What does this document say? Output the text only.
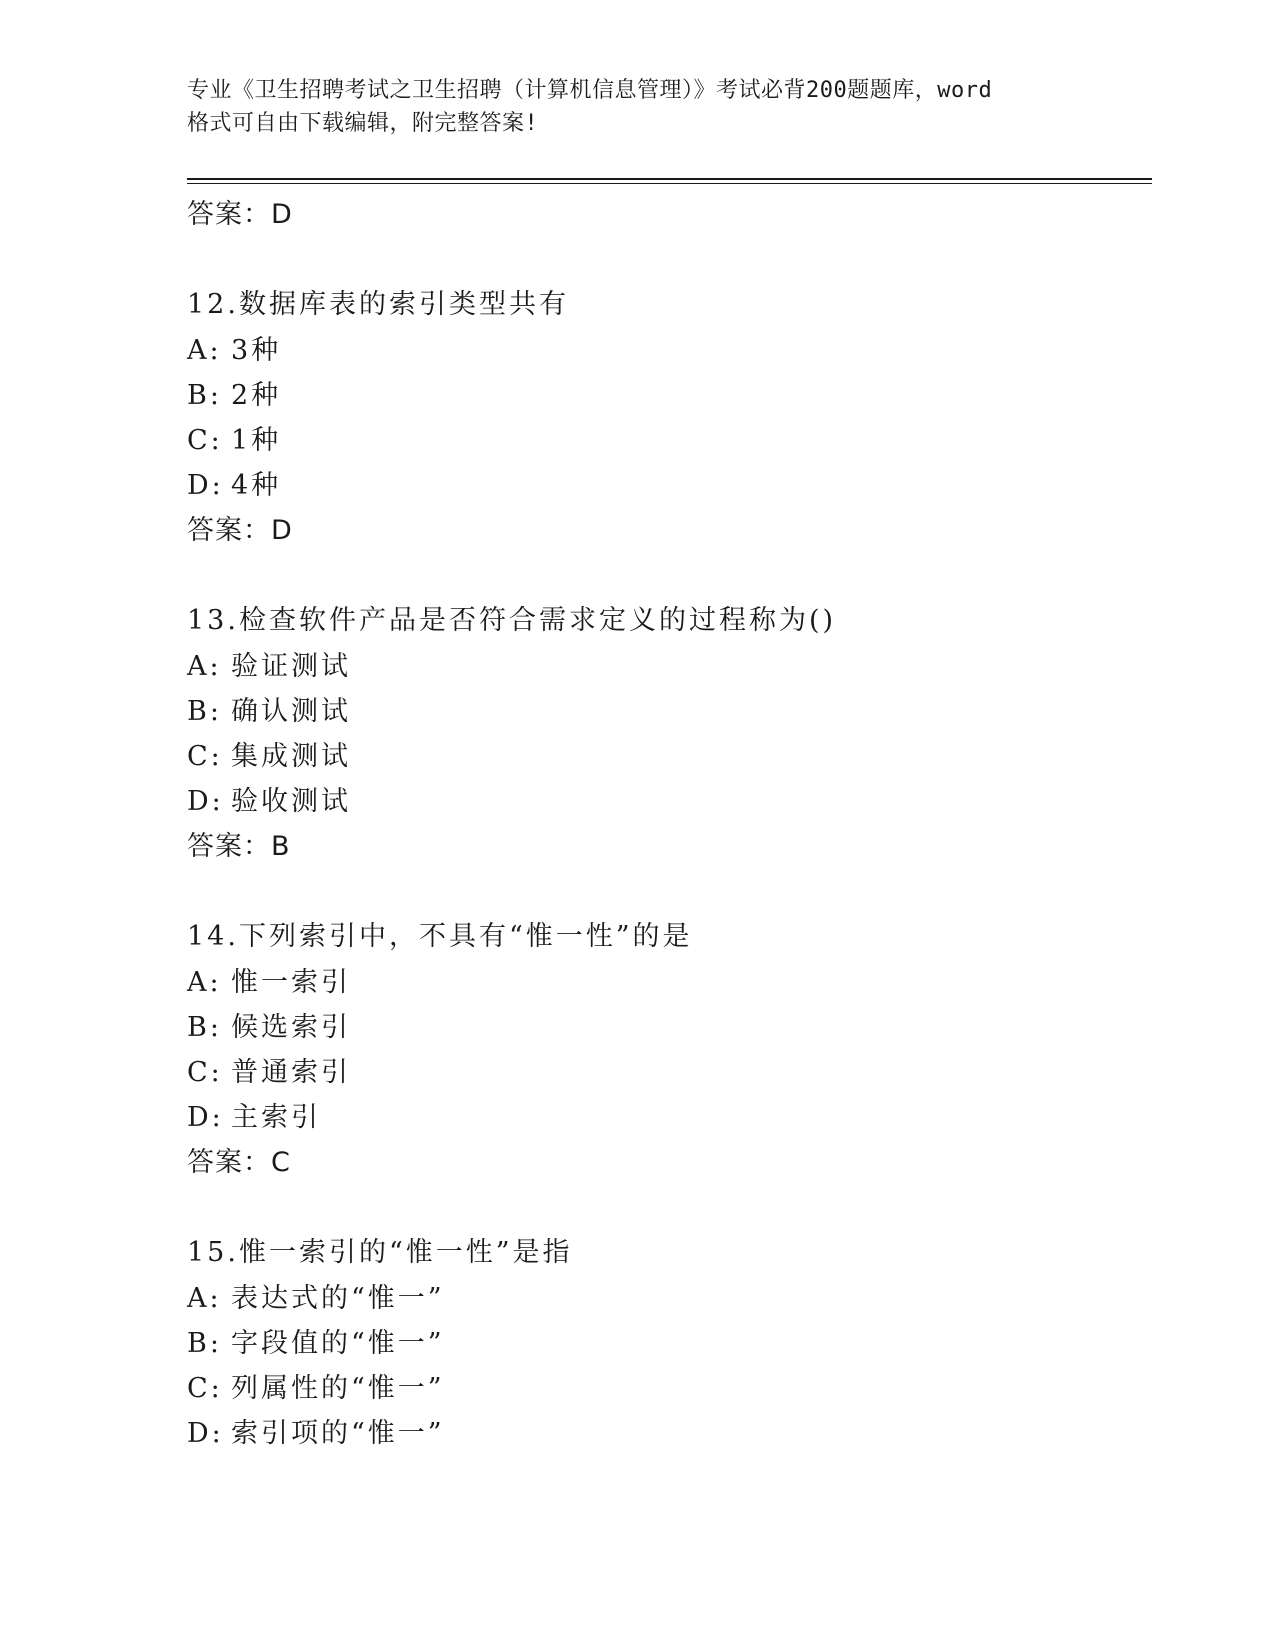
专业《卫生招聘考试之卫生招聘（计算机信息管理）》考试必背200题题库，word
格式可自由下载编辑，附完整答案!
答案：D
12.数据库表的索引类型共有
A: 3种
B: 2种
C: 1种
D: 4种
答案：D
13.检查软件产品是否符合需求定义的过程称为()
A: 验证测试
B: 确认测试
C: 集成测试
D: 验收测试
答案：B
14.下列索引中，不具有“惟一性”的是
A: 惟一索引
B: 候选索引
C: 普通索引
D: 主索引
答案：C
15.惟一索引的“惟一性”是指
A: 表达式的“惟一”
B: 字段值的“惟一”
C: 列属性的“惟一”
D: 索引项的“惟一”
